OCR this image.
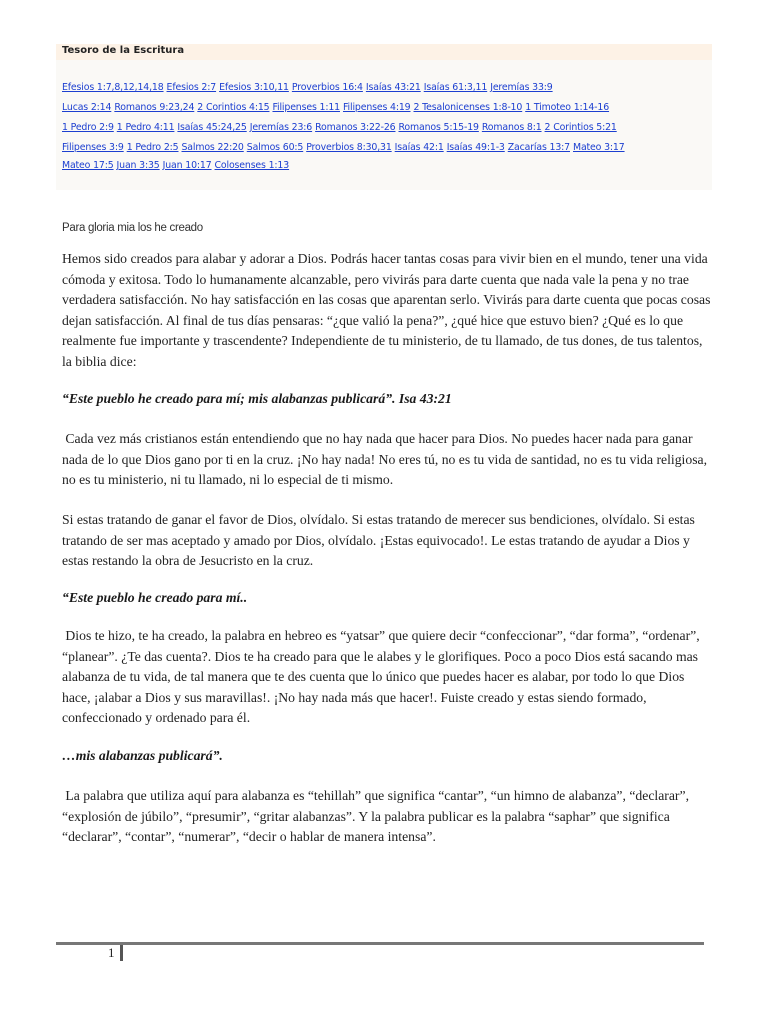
Tesoro de la Escritura
Efesios 1:7,8,12,14,18 Efesios 2:7 Efesios 3:10,11 Proverbios 16:4 Isaías 43:21 Isaías 61:3,11 Jeremías 33:9
Lucas 2:14 Romanos 9:23,24 2 Corintios 4:15 Filipenses 1:11 Filipenses 4:19 2 Tesalonicenses 1:8-10 1 Timoteo 1:14-16
1 Pedro 2:9 1 Pedro 4:11 Isaías 45:24,25 Jeremías 23:6 Romanos 3:22-26 Romanos 5:15-19 Romanos 8:1 2 Corintios 5:21
Filipenses 3:9 1 Pedro 2:5 Salmos 22:20 Salmos 60:5 Proverbios 8:30,31 Isaías 42:1 Isaías 49:1-3 Zacarías 13:7 Mateo 3:17
Mateo 17:5 Juan 3:35 Juan 10:17 Colosenses 1:13
Para gloria mia los he creado
Hemos sido creados para alabar y adorar a Dios. Podrás hacer tantas cosas para vivir bien en el mundo, tener una vida cómoda y exitosa. Todo lo humanamente alcanzable, pero vivirás para darte cuenta que nada vale la pena y no trae verdadera satisfacción. No hay satisfacción en las cosas que aparentan serlo. Vivirás para darte cuenta que pocas cosas dejan satisfacción. Al final de tus días pensaras: “¿que valió la pena?”, ¿qué hice que estuvo bien? ¿Qué es lo que realmente fue importante y trascendente? Independiente de tu ministerio, de tu llamado, de tus dones, de tus talentos, la biblia dice:
“Este pueblo he creado para mí; mis alabanzas publicará”. Isa 43:21
Cada vez más cristianos están entendiendo que no hay nada que hacer para Dios. No puedes hacer nada para ganar nada de lo que Dios gano por ti en la cruz. ¡No hay nada! No eres tú, no es tu vida de santidad, no es tu vida religiosa, no es tu ministerio, ni tu llamado, ni lo especial de ti mismo.
Si estas tratando de ganar el favor de Dios, olvídalo. Si estas tratando de merecer sus bendiciones, olvídalo. Si estas tratando de ser mas aceptado y amado por Dios, olvídalo. ¡Estas equivocado!. Le estas tratando de ayudar a Dios y estas restando la obra de Jesucristo en la cruz.
“Este pueblo he creado para mí..
Dios te hizo, te ha creado, la palabra en hebreo es “yatsar” que quiere decir “confeccionar”, “dar forma”, “ordenar”, “planear”. ¿Te das cuenta?. Dios te ha creado para que le alabes y le glorifiques. Poco a poco Dios está sacando mas alabanza de tu vida, de tal manera que te des cuenta que lo único que puedes hacer es alabar, por todo lo que Dios hace, ¡alabar a Dios y sus maravillas!. ¡No hay nada más que hacer!. Fuiste creado y estas siendo formado, confeccionado y ordenado para él.
…mis alabanzas publicará”.
La palabra que utiliza aquí para alabanza es “tehillah” que significa “cantar”, “un himno de alabanza”, “declarar”, “explosión de júbilo”, “presumir”, “gritar alabanzas”. Y la palabra publicar es la palabra “saphar” que significa “declarar”, “contar”, “numerar”, “decir o hablar de manera intensa”.
1
